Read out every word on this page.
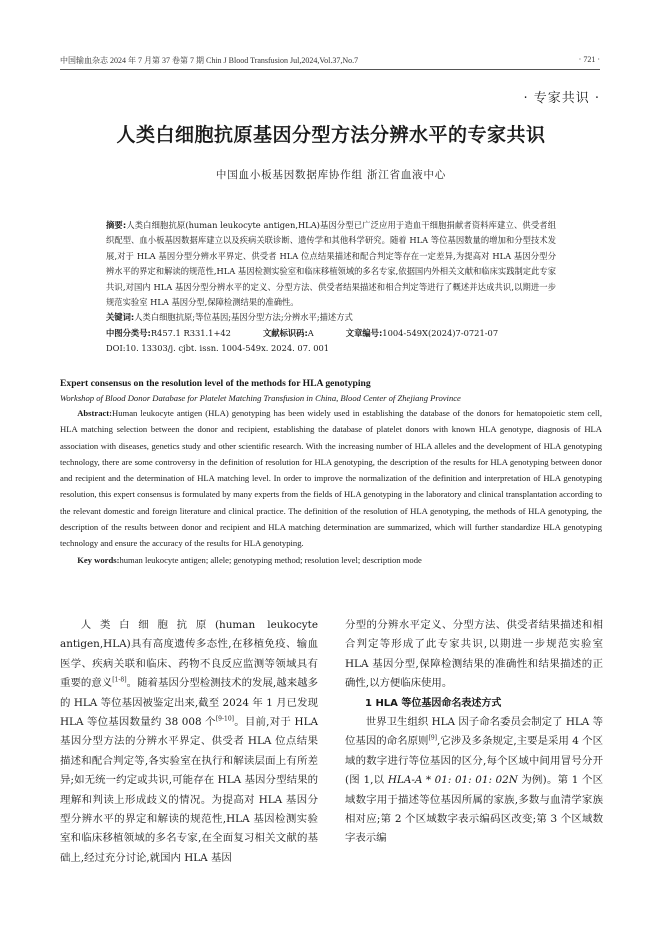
中国输血杂志 2024 年 7 月第 37 卷第 7 期 Chin J Blood Transfusion Jul,2024,Vol.37,No.7	· 721 ·
· 专家共识 ·
人类白细胞抗原基因分型方法分辨水平的专家共识
中国血小板基因数据库协作组 浙江省血液中心
摘要:人类白细胞抗原(human leukocyte antigen,HLA)基因分型已广泛应用于造血干细胞捐献者资料库建立、供受者组织配型、血小板基因数据库建立以及疾病关联诊断、遗传学和其他科学研究。随着 HLA 等位基因数量的增加和分型技术发展,对于 HLA 基因分型分辨水平界定、供受者 HLA 位点结果描述和配合判定等存在一定差异,为提高对 HLA 基因分型分辨水平的界定和解读的规范性,HLA 基因检测实验室和临床移植领域的多名专家,依据国内外相关文献和临床实践制定此专家共识,对国内 HLA 基因分型分辨水平的定义、分型方法、供受者结果描述和相合判定等进行了概述并达成共识,以期进一步规范实验室 HLA 基因分型,保障检测结果的准确性。
关键词:人类白细胞抗原;等位基因;基因分型方法;分辨水平;描述方式
中图分类号:R457.1 R331.1+42	文献标识码:A	文章编号:1004-549X(2024)7-0721-07
DOI:10. 13303/j. cjbt. issn. 1004-549x. 2024. 07. 001
Expert consensus on the resolution level of the methods for HLA genotyping
Workshop of Blood Donor Database for Platelet Matching Transfusion in China, Blood Center of Zhejiang Province
Abstract:Human leukocyte antigen (HLA) genotyping has been widely used in establishing the database of the donors for hematopoietic stem cell, HLA matching selection between the donor and recipient, establishing the database of platelet donors with known HLA genotype, diagnosis of HLA association with diseases, genetics study and other scientific research. With the increasing number of HLA alleles and the development of HLA genotyping technology, there are some controversy in the definition of resolution for HLA genotyping, the description of the results for HLA genotyping between donor and recipient and the determination of HLA matching level. In order to improve the normalization of the definition and interpretation of HLA genotyping resolution, this expert consensus is formulated by many experts from the fields of HLA genotyping in the laboratory and clinical transplantation according to the relevant domestic and foreign literature and clinical practice. The definition of the resolution of HLA genotyping, the methods of HLA genotyping, the description of the results between donor and recipient and HLA matching determination are summarized, which will further standardize HLA genotyping technology and ensure the accuracy of the results for HLA genotyping.
Key words:human leukocyte antigen; allele; genotyping method; resolution level; description mode

人类白细胞抗原(human leukocyte antigen,HLA)具有高度遗传多态性,在移植免疫、输血医学、疾病关联和临床、药物不良反应监测等领域具有重要的意义[1-8]。随着基因分型检测技术的发展,越来越多的 HLA 等位基因被鉴定出来,截至 2024 年 1 月已发现 HLA 等位基因数量约 38 008 个[9-10]。目前,对于 HLA 基因分型方法的分辨水平界定、供受者 HLA 位点结果描述和配合判定等,各实验室在执行和解读层面上有所差异;如无统一约定或共识,可能存在 HLA 基因分型结果的理解和判读上形成歧义的情况。为提高对 HLA 基因分型分辨水平的界定和解读的规范性,HLA 基因检测实验室和临床移植领域的多名专家,在全面复习相关文献的基础上,经过充分讨论,就国内 HLA 基因

分型的分辨水平定义、分型方法、供受者结果描述和相合判定等形成了此专家共识,以期进一步规范实验室 HLA 基因分型,保障检测结果的准确性和结果描述的正确性,以方便临床使用。

1 HLA 等位基因命名表述方式

世界卫生组织 HLA 因子命名委员会制定了 HLA 等位基因的命名原则[9],它涉及多条规定,主要是采用 4 个区域的数字进行等位基因的区分,每个区域中间用冒号分开(图 1,以 HLA-A * 01: 01: 01: 02N 为例)。第 1 个区域数字用于描述等位基因所属的家族,多数与血清学家族相对应;第 2 个区域数字表示编码区改变;第 3 个区域数字表示编
